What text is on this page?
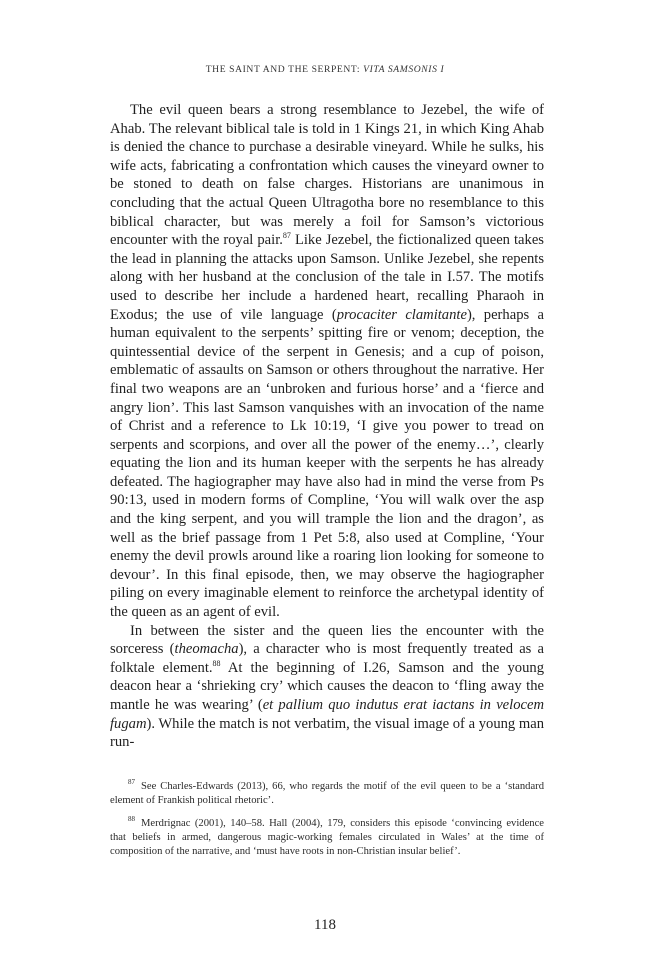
THE SAINT AND THE SERPENT: VITA SAMSONIS I

The evil queen bears a strong resemblance to Jezebel, the wife of Ahab. The relevant biblical tale is told in 1 Kings 21, in which King Ahab is denied the chance to purchase a desirable vineyard. While he sulks, his wife acts, fabricating a confrontation which causes the vineyard owner to be stoned to death on false charges. Historians are unanimous in concluding that the actual Queen Ultragotha bore no resemblance to this biblical character, but was merely a foil for Samson’s victorious encounter with the royal pair.$^{87}$ Like Jezebel, the fictionalized queen takes the lead in planning the attacks upon Samson. Unlike Jezebel, she repents along with her husband at the conclusion of the tale in I.57. The motifs used to describe her include a hardened heart, recalling Pharaoh in Exodus; the use of vile language (procaciter clamitante), perhaps a human equivalent to the serpents’ spitting fire or venom; deception, the quintessential device of the serpent in Genesis; and a cup of poison, emblematic of assaults on Samson or others throughout the narrative. Her final two weapons are an ‘unbroken and furious horse’ and a ‘fierce and angry lion’. This last Samson vanquishes with an invocation of the name of Christ and a reference to Lk 10:19, ‘I give you power to tread on serpents and scorpions, and over all the power of the enemy…’, clearly equating the lion and its human keeper with the serpents he has already defeated. The hagiographer may have also had in mind the verse from Ps 90:13, used in modern forms of Compline, ‘You will walk over the asp and the king serpent, and you will trample the lion and the dragon’, as well as the brief passage from 1 Pet 5:8, also used at Compline, ‘Your enemy the devil prowls around like a roaring lion looking for someone to devour’. In this final episode, then, we may observe the hagiographer piling on every imaginable element to reinforce the archetypal identity of the queen as an agent of evil.

In between the sister and the queen lies the encounter with the sorceress (theomacha), a character who is most frequently treated as a folktale element.$^{88}$ At the beginning of I.26, Samson and the young deacon hear a ‘shrieking cry’ which causes the deacon to ‘fling away the mantle he was wearing’ (et pallium quo indutus erat iactans in velocem fugam). While the match is not verbatim, the visual image of a young man run-

$^{87}$ See Charles-Edwards (2013), 66, who regards the motif of the evil queen to be a ‘standard element of Frankish political rhetoric’.

$^{88}$ Merdrignac (2001), 140–58. Hall (2004), 179, considers this episode ‘convincing evidence that beliefs in armed, dangerous magic-working females circulated in Wales’ at the time of composition of the narrative, and ‘must have roots in non-Christian insular belief’.

118
